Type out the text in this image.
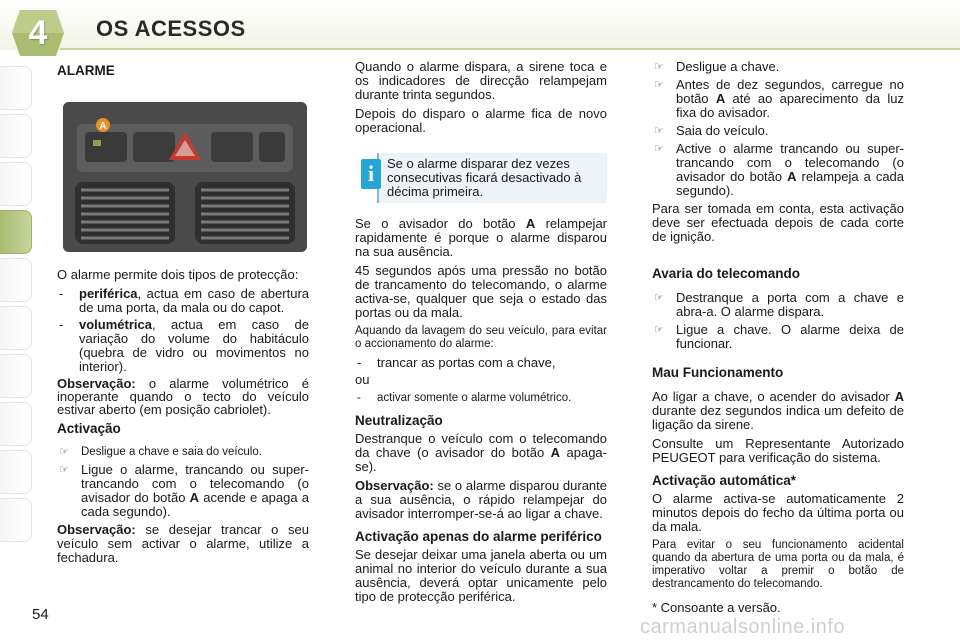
4	OS ACESSOS
ALARME
A

O alarme permite dois tipos de protecção:

- periférica, actua em caso de abertura de uma porta, da mala ou do capot.
- volumétrica, actua em caso de variação do volume do habitáculo (quebra de vidro ou movimentos no interior).

Observação: o alarme volumétrico é inoperante quando o tecto do veículo estivar aberto (em posição cabriolet).

Activação
☞ Desligue a chave e saia do veículo.
☞ Ligue o alarme, trancando ou super-trancando com o telecomando (o avisador do botão A acende e apaga a cada segundo).

Observação: se desejar trancar o seu veículo sem activar o alarme, utilize a fechadura.

Quando o alarme dispara, a sirene toca e os indicadores de direcção relampejam durante trinta segundos.

Depois do disparo o alarme fica de novo operacional.

Se o alarme disparar dez vezes consecutivas ficará desactivado à décima primeira.
i

Se o avisador do botão A relampejar rapidamente é porque o alarme disparou na sua ausência.

45 segundos após uma pressão no botão de trancamento do telecomando, o alarme activa-se, qualquer que seja o estado das portas ou da mala.

Aquando da lavagem do seu veículo, para evitar o accionamento do alarme:

- trancar as portas com a chave,

ou

- activar somente o alarme volumétrico.
Neutralização

Destranque o veículo com o telecomando da chave (o avisador do botão A apaga-se).

Observação: se o alarme disparou durante a sua ausência, o rápido relampejar do avisador interromper-se-á ao ligar a chave.

Activação apenas do alarme periférico

Se desejar deixar uma janela aberta ou um animal no interior do veículo durante a sua ausência, deverá optar unicamente pelo tipo de protecção periférica.

☞ Desligue a chave.
☞ Antes de dez segundos, carregue no botão A até ao aparecimento da luz fixa do avisador.
☞ Saia do veículo.
☞ Active o alarme trancando ou super-trancando com o telecomando (o avisador do botão A relampeja a cada segundo).

Para ser tomada em conta, esta activação deve ser efectuada depois de cada corte de ignição.

Avaria do telecomando
☞ Destranque a porta com a chave e abra-a. O alarme dispara.
☞ Ligue a chave. O alarme deixa de funcionar.
Mau Funcionamento

Ao ligar a chave, o acender do avisador A durante dez segundos indica um defeito de ligação da sirene.

Consulte um Representante Autorizado PEUGEOT para verificação do sistema.

Activação automática*

O alarme activa-se automaticamente 2 minutos depois do fecho da última porta ou da mala.

Para evitar o seu funcionamento acidental quando da abertura de uma porta ou da mala, é imperativo voltar a premir o botão de destrancamento do telecomando.

* Consoante a versão.
54
carmanualsonline.info
